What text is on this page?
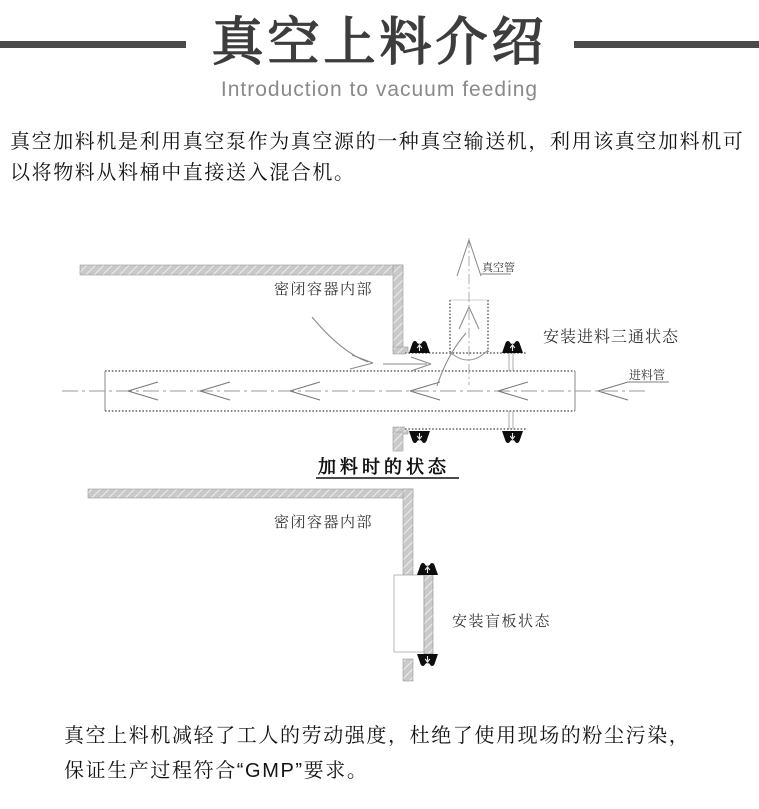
真空上料介绍
Introduction to vacuum feeding

真空加料机是利用真空泵作为真空源的一种真空输送机，利用该真空加料机可以将物料从料桶中直接送入混合机。

密闭容器内部
真空管
安装进料三通状态
进料管
加料时的状态
密闭容器内部
安装盲板状态

真空上料机减轻了工人的劳动强度，杜绝了使用现场的粉尘污染，保证生产过程符合“GMP”要求。
